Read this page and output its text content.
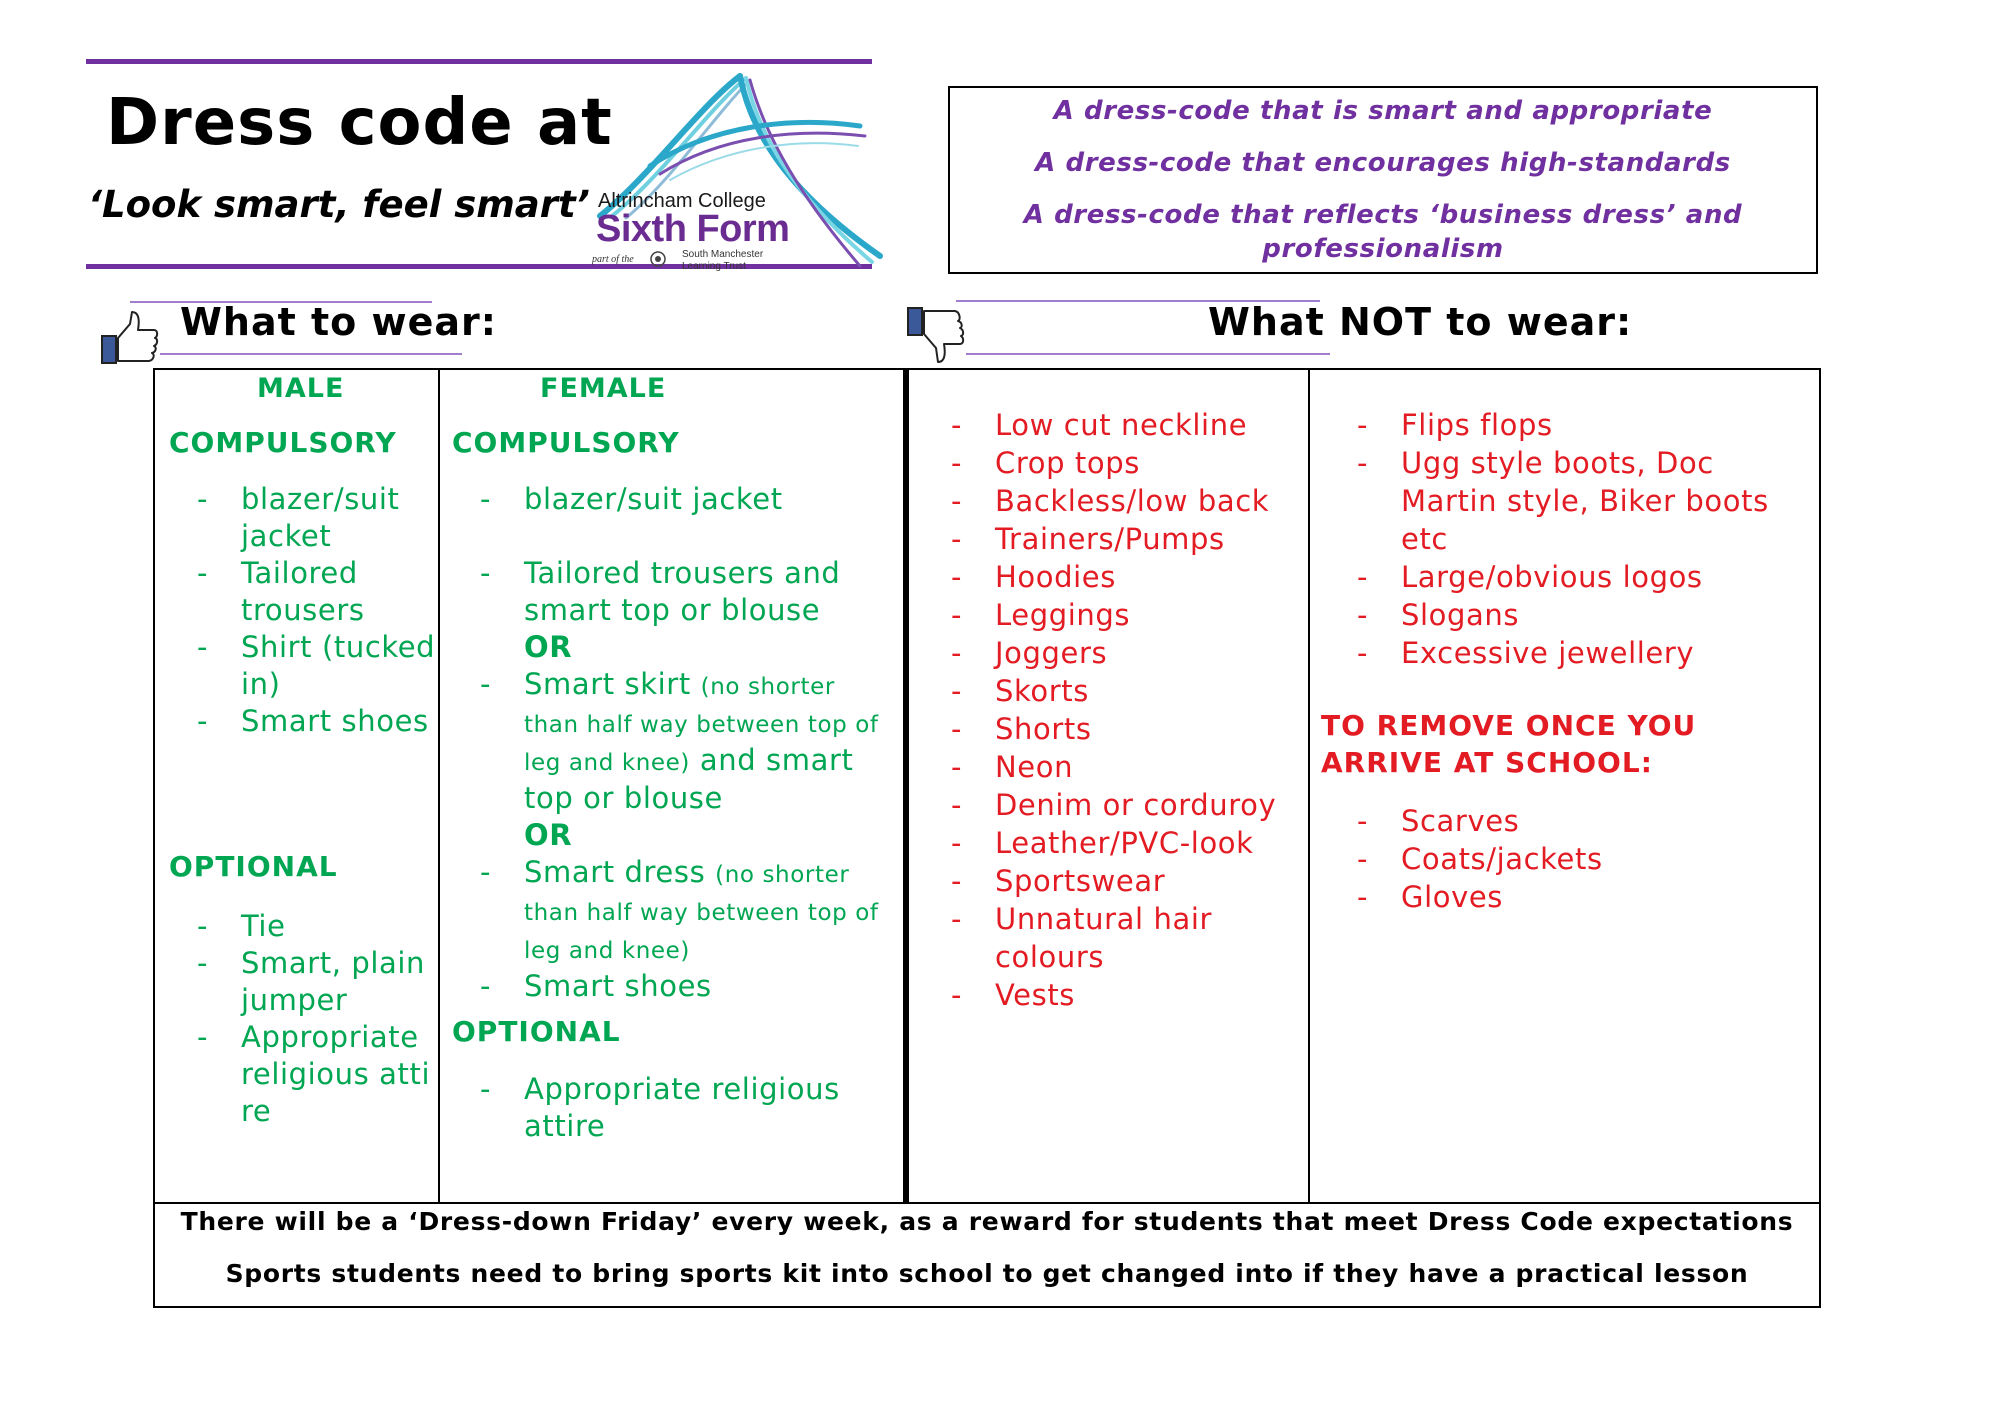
Dress code at
‘Look smart, feel smart’ Altrincham College
Sixth Form
part of the	South Manchester Learning Trust
A dress-code that is smart and appropriate
A dress-code that encourages high-standards
A dress-code that reflects ‘business dress’ and
professionalism
What to wear:	What NOT to wear:
MALE
COMPULSORY
- blazer/suit jacket
- Tailored trousers
- Shirt (tucked in)
- Smart shoes
OPTIONAL
- Tie
- Smart, plain jumper
- Appropriate religious attire
FEMALE
COMPULSORY
- blazer/suit jacket
- Tailored trousers and smart top or blouse
OR
- Smart skirt (no shorter than half way between top of leg and knee) and smart top or blouse
OR
- Smart dress (no shorter than half way between top of leg and knee)
- Smart shoes
OPTIONAL
- Appropriate religious attire
- Low cut neckline
- Crop tops
- Backless/low back
- Trainers/Pumps
- Hoodies
- Leggings
- Joggers
- Skorts
- Shorts
- Neon
- Denim or corduroy
- Leather/PVC-look
- Sportswear
- Unnatural hair colours
- Vests
- Flips flops
- Ugg style boots, Doc Martin style, Biker boots etc
- Large/obvious logos
- Slogans
- Excessive jewellery
TO REMOVE ONCE YOU ARRIVE AT SCHOOL:
- Scarves
- Coats/jackets
- Gloves
There will be a ‘Dress-down Friday’ every week, as a reward for students that meet Dress Code expectations
Sports students need to bring sports kit into school to get changed into if they have a practical lesson
